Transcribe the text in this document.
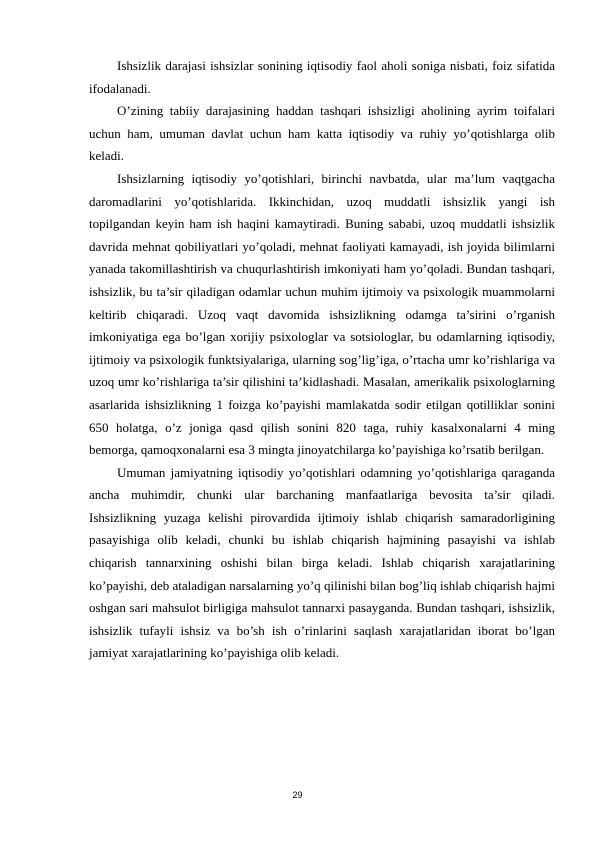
Ishsizlik darajasi ishsizlar sonining iqtisodiy faol aholi soniga nisbati, foiz sifatida ifodalanadi.

O’zining tabiiy darajasining haddan tashqari ishsizligi aholining ayrim toifalari uchun ham, umuman davlat uchun ham katta iqtisodiy va ruhiy yo’qotishlarga olib keladi.

Ishsizlarning iqtisodiy yo’qotishlari, birinchi navbatda, ular ma’lum vaqtgacha daromadlarini yo’qotishlarida. Ikkinchidan, uzoq muddatli ishsizlik yangi ish topilgandan keyin ham ish haqini kamaytiradi. Buning sababi, uzoq muddatli ishsizlik davrida mehnat qobiliyatlari yo’qoladi, mehnat faoliyati kamayadi, ish joyida bilimlarni yanada takomillashtirish va chuqurlashtirish imkoniyati ham yo’qoladi. Bundan tashqari, ishsizlik, bu ta’sir qiladigan odamlar uchun muhim ijtimoiy va psixologik muammolarni keltirib chiqaradi. Uzoq vaqt davomida ishsizlikning odamga ta’sirini o’rganish imkoniyatiga ega bo’lgan xorijiy psixologlar va sotsiologlar, bu odamlarning iqtisodiy, ijtimoiy va psixologik funktsiyalariga, ularning sog’lig’iga, o’rtacha umr ko’rishlariga va uzoq umr ko’rishlariga ta’sir qilishini ta’kidlashadi. Masalan, amerikalik psixologlarning asarlarida ishsizlikning 1 foizga ko’payishi mamlakatda sodir etilgan qotilliklar sonini 650 holatga, o’z joniga qasd qilish sonini 820 taga, ruhiy kasalxonalarni 4 ming bemorga, qamoqxonalarni esa 3 mingta jinoyatchilarga ko’payishiga ko’rsatib berilgan.

Umuman jamiyatning iqtisodiy yo’qotishlari odamning yo’qotishlariga qaraganda ancha muhimdir, chunki ular barchaning manfaatlariga bevosita ta’sir qiladi. Ishsizlikning yuzaga kelishi pirovardida ijtimoiy ishlab chiqarish samaradorligining pasayishiga olib keladi, chunki bu ishlab chiqarish hajmining pasayishi va ishlab chiqarish tannarxining oshishi bilan birga keladi. Ishlab chiqarish xarajatlarining ko’payishi, deb ataladigan narsalarning yo’q qilinishi bilan bog’liq ishlab chiqarish hajmi oshgan sari mahsulot birligiga mahsulot tannarxi pasayganda. Bundan tashqari, ishsizlik, ishsizlik tufayli ishsiz va bo’sh ish o’rinlarini saqlash xarajatlaridan iborat bo’lgan jamiyat xarajatlarining ko’payishiga olib keladi.

29
